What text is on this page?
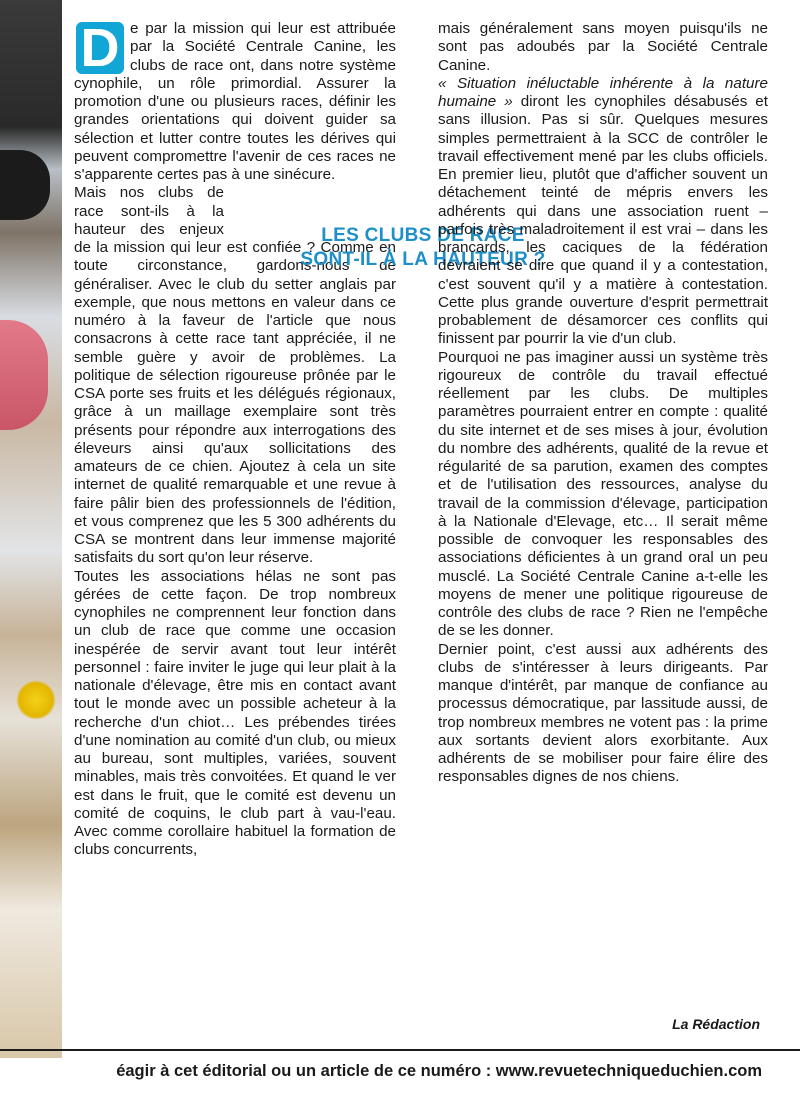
D e par la mission qui leur est attribuée par la Société Centrale Canine, les clubs de race ont, dans notre système cynophile, un rôle primordial. Assurer la promotion d'une ou plusieurs races, définir les grandes orientations qui doivent guider sa sélection et lutter contre toutes les dérives qui peuvent compromettre l'avenir de ces races ne s'apparente certes pas à une sinécure.

Mais nos clubs de race sont-ils à la hauteur des enjeux de la mission qui leur est confiée ? Comme en toute circonstance, gardons-nous de généraliser. Avec le club du setter anglais par exemple, que nous mettons en valeur dans ce numéro à la faveur de l'article que nous consacrons à cette race tant appréciée, il ne semble guère y avoir de problèmes. La politique de sélection rigoureuse prônée par le CSA porte ses fruits et les délégués régionaux, grâce à un maillage exemplaire sont très présents pour répondre aux interrogations des éleveurs ainsi qu'aux sollicitations des amateurs de ce chien. Ajoutez à cela un site internet de qualité remarquable et une revue à faire pâlir bien des professionnels de l'édition, et vous comprenez que les 5 300 adhérents du CSA se montrent dans leur immense majorité satisfaits du sort qu'on leur réserve.

Toutes les associations hélas ne sont pas gérées de cette façon. De trop nombreux cynophiles ne comprennent leur fonction dans un club de race que comme une occasion inespérée de servir avant tout leur intérêt personnel : faire inviter le juge qui leur plait à la nationale d'élevage, être mis en contact avant tout le monde avec un possible acheteur à la recherche d'un chiot… Les prébendes tirées d'une nomination au comité d'un club, ou mieux au bureau, sont multiples, variées, souvent minables, mais très convoitées. Et quand le ver est dans le fruit, que le comité est devenu un comité de coquins, le club part à vau-l'eau. Avec comme corollaire habituel la formation de clubs concurrents,

LES CLUBS DE RACE
SONT-IL À LA HAUTEUR ?

mais généralement sans moyen puisqu'ils ne sont pas adoubés par la Société Centrale Canine.

« Situation inéluctable inhérente à la nature humaine »
diront les cynophiles désabusés et sans illusion. Pas si sûr. Quelques mesures simples permettraient à la SCC de contrôler le travail effectivement mené par les clubs officiels. En premier lieu, plutôt que d'afficher souvent un détachement teinté de mépris envers les adhérents qui dans une association ruent –parfois très maladroitement il est vrai – dans les brancards, les caciques de la fédération devraient se dire que quand il y a contestation, c'est souvent qu'il y a matière à contestation. Cette plus grande ouverture d'esprit permettrait probablement de désamorcer ces conflits qui finissent par pourrir la vie d'un club.

Pourquoi ne pas imaginer aussi un système très rigoureux de contrôle du travail effectué réellement par les clubs. De multiples paramètres pourraient entrer en compte : qualité du site internet et de ses mises à jour, évolution du nombre des adhérents, qualité de la revue et régularité de sa parution, examen des comptes et de l'utilisation des ressources, analyse du travail de la commission d'élevage, participation à la Nationale d'Elevage, etc… Il serait même possible de convoquer les responsables des associations déficientes à un grand oral un peu musclé. La Société Centrale Canine a-t-elle les moyens de mener une politique rigoureuse de contrôle des clubs de race ? Rien ne l'empêche de se les donner.

Dernier point, c'est aussi aux adhérents des clubs de s'intéresser à leurs dirigeants. Par manque d'intérêt, par manque de confiance au processus démocratique, par lassitude aussi, de trop nombreux membres ne votent pas : la prime aux sortants devient alors exorbitante. Aux adhérents de se mobiliser pour faire élire des responsables dignes de nos chiens.

La Rédaction
éagir à cet éditorial ou un article de ce numéro : www.revuetechniqueduchien.com
